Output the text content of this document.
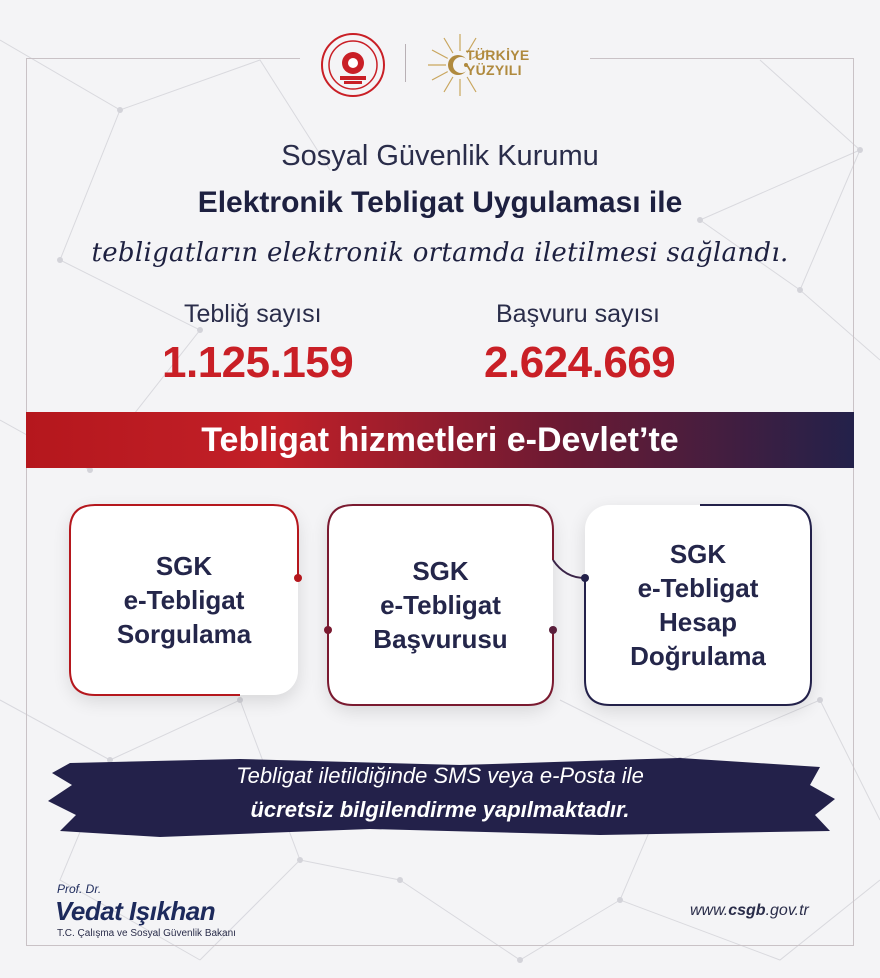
TÜRKİYE
YÜZYILI
Sosyal Güvenlik Kurumu
Elektronik Tebligat Uygulaması ile
tebligatların elektronik ortamda iletilmesi sağlandı.
Tebliğ sayısı
1.125.159
Başvuru sayısı
2.624.669
Tebligat hizmetleri e-Devlet’te
SGK
e-Tebligat
Sorgulama
SGK
e-Tebligat
Başvurusu
SGK
e-Tebligat
Hesap
Doğrulama
Tebligat iletildiğinde SMS veya e-Posta ile
ücretsiz bilgilendirme yapılmaktadır.
Prof. Dr.
Vedat Işıkhan
T.C. Çalışma ve Sosyal Güvenlik Bakanı
www.csgb.gov.tr
